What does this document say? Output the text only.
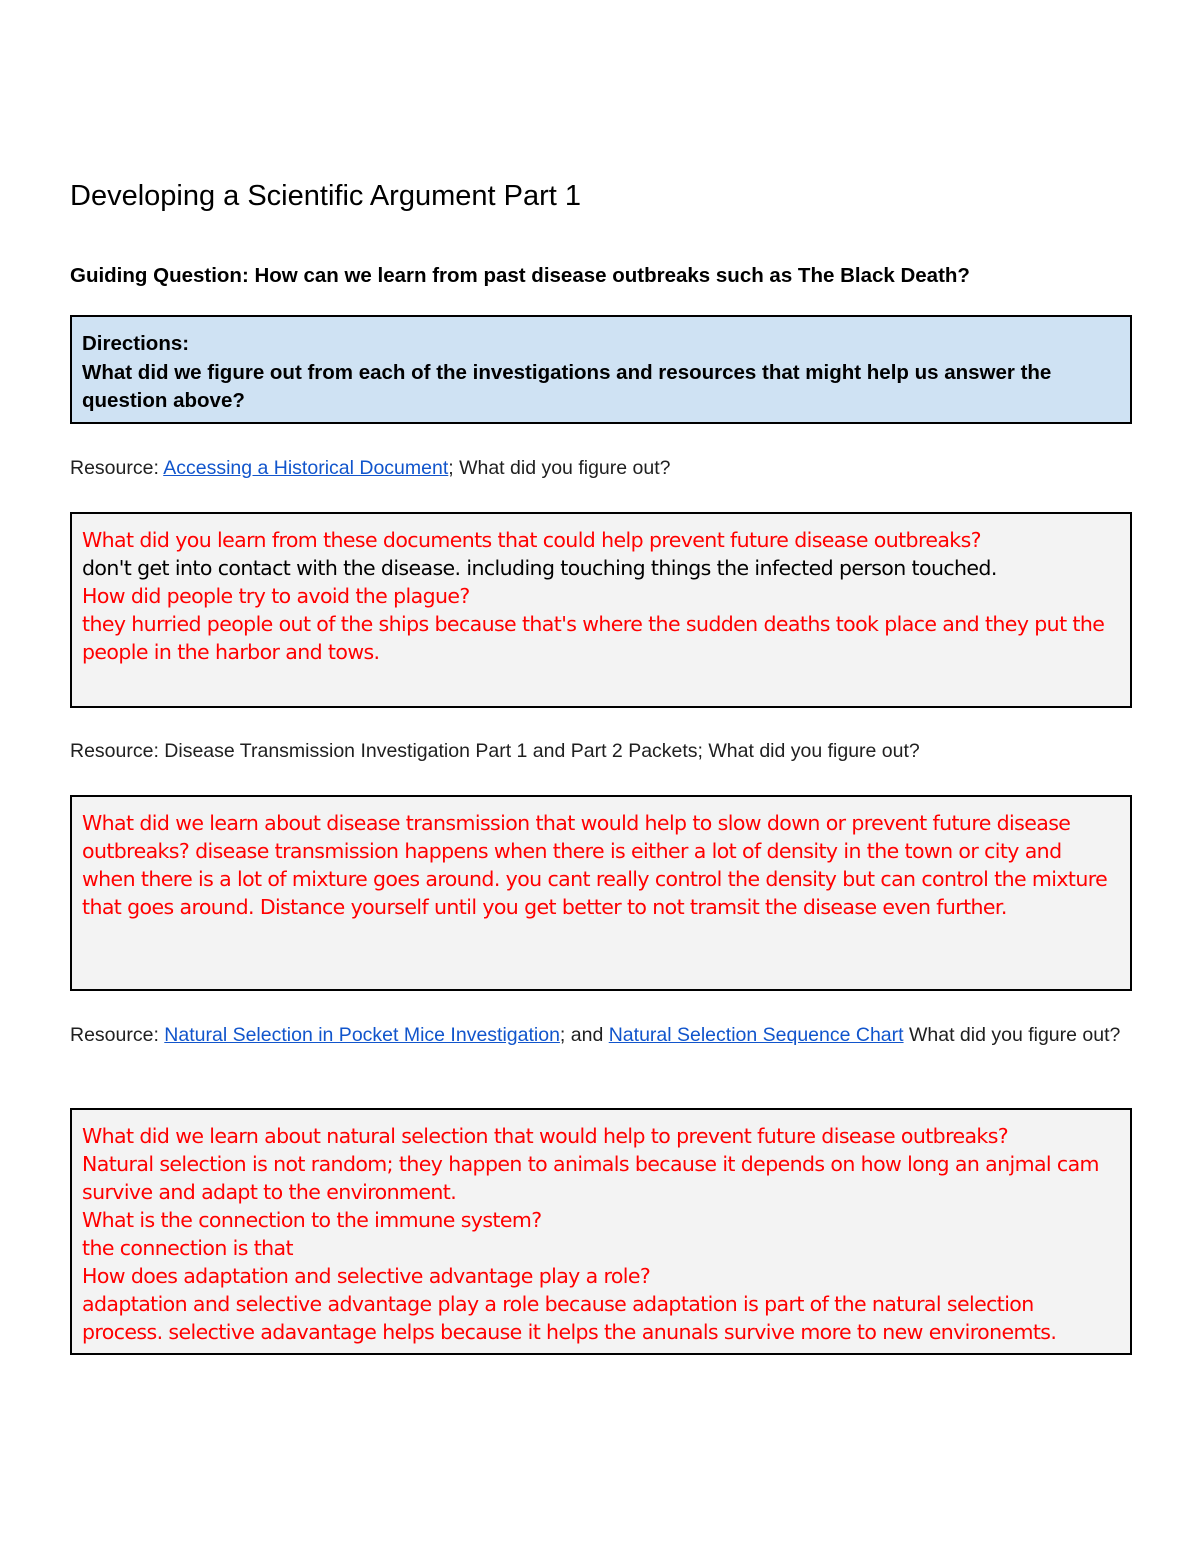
Developing a Scientific Argument Part 1
Guiding Question: How can we learn from past disease outbreaks such as The Black Death?
Directions:
What did we figure out from each of the investigations and resources that might help us answer the question above?
Resource: Accessing a Historical Document; What did you figure out?
What did you learn from these documents that could help prevent future disease outbreaks?
don't get into contact with the disease. including touching things the infected person touched.
How did people try to avoid the plague?
they hurried people out of the ships because that's where the sudden deaths took place and they put the people in the harbor and tows.
Resource: Disease Transmission Investigation Part 1 and Part 2 Packets; What did you figure out?
What did we learn about disease transmission that would help to slow down or prevent future disease outbreaks? disease transmission happens when there is either a lot of density in the town or city and when there is a lot of mixture goes around. you cant really control the density but can control the mixture that goes around. Distance yourself until you get better to not tramsit the disease even further.
Resource: Natural Selection in Pocket Mice Investigation; and Natural Selection Sequence Chart What did you figure out?
What did we learn about natural selection that would help to prevent future disease outbreaks?
Natural selection is not random; they happen to animals because it depends on how long an anjmal cam survive and adapt to the environment.
What is the connection to the immune system?
the connection is that
How does adaptation and selective advantage play a role?
adaptation and selective advantage play a role because adaptation is part of the natural selection process. selective adavantage helps because it helps the anunals survive more to new environemts.
